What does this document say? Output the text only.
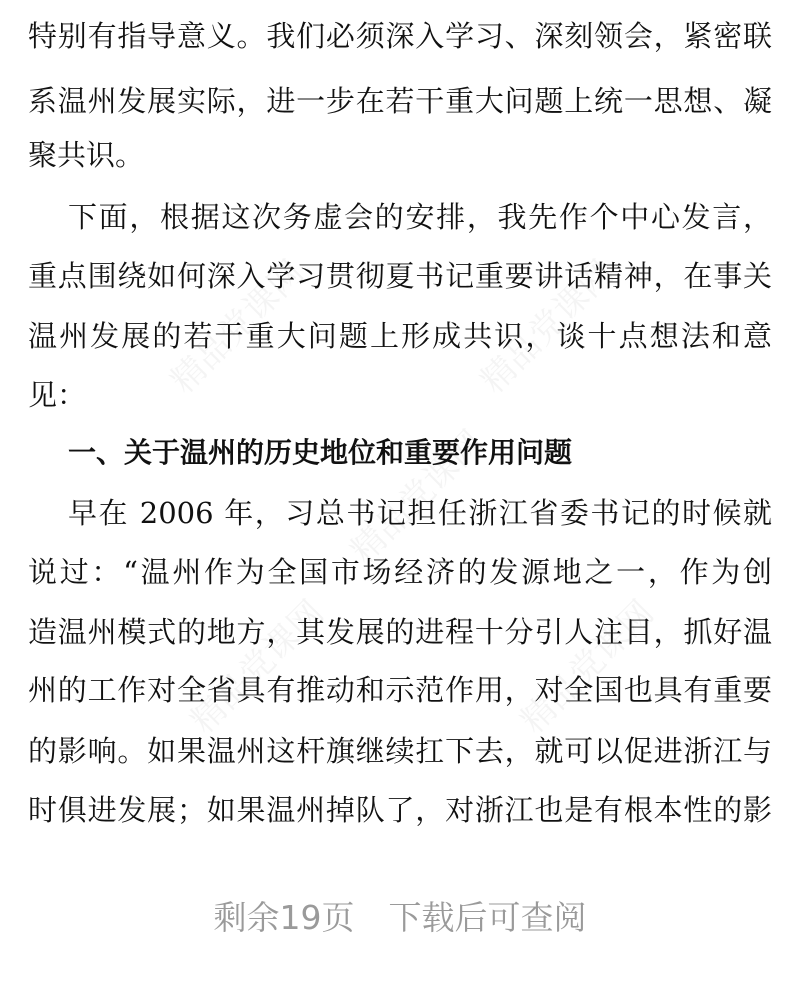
精品党课网	精品党课网
精品党课网
精品党课网	精品党课网
特别有指导意义。我们必须深入学习、深刻领会，紧密联
系温州发展实际，进一步在若干重大问题上统一思想、凝
聚共识。
下面，根据这次务虚会的安排，我先作个中心发言，
重点围绕如何深入学习贯彻夏书记重要讲话精神，在事关
温州发展的若干重大问题上形成共识，谈十点想法和意
见：
一、关于温州的历史地位和重要作用问题
早在 2006 年，习总书记担任浙江省委书记的时候就
说过：“温州作为全国市场经济的发源地之一，作为创
造温州模式的地方，其发展的进程十分引人注目，抓好温
州的工作对全省具有推动和示范作用，对全国也具有重要
的影响。如果温州这杆旗继续扛下去，就可以促进浙江与
时俱进发展；如果温州掉队了，对浙江也是有根本性的影
剩余19页 下载后可查阅
